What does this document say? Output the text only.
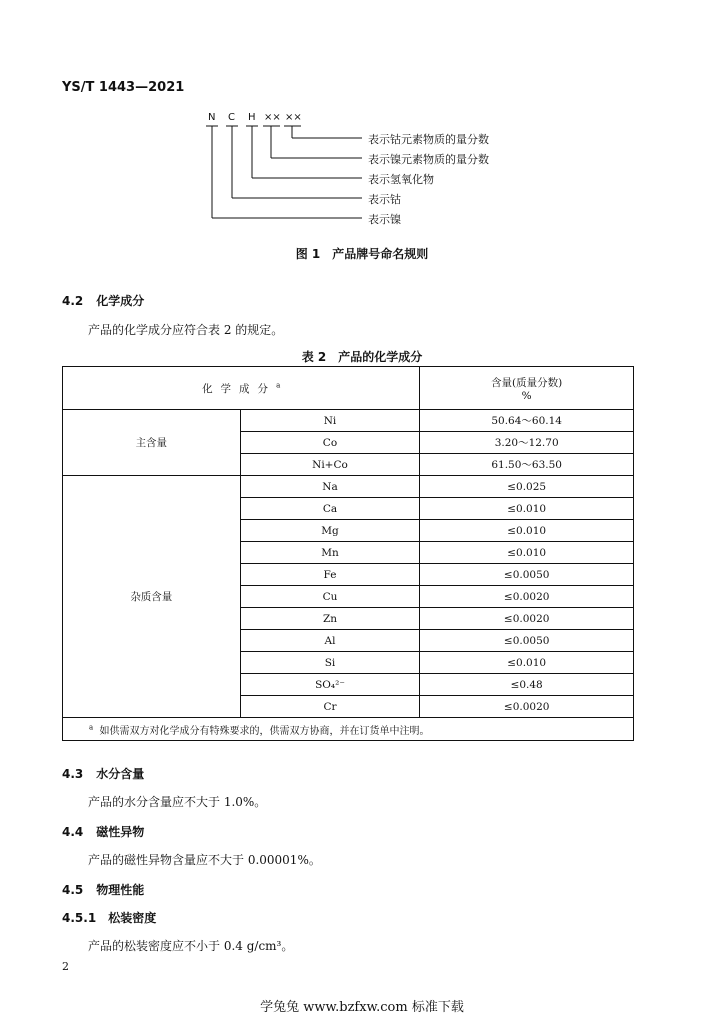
YS/T 1443—2021
N C H ×× ××
表示钴元素物质的量分数
表示镍元素物质的量分数
表示氢氧化物
表示钴
表示镍
图 1　产品牌号命名规则
4.2 化学成分
产品的化学成分应符合表 2 的规定。
表 2　产品的化学成分
化学成分$^a$		含量(质量分数)
%

主含量	Ni	50.64～60.14
	Co	3.20～12.70
	Ni+Co	61.50～63.50
杂质含量	Na	≤0.025
	Ca	≤0.010
	Mg	≤0.010
	Mn	≤0.010
	Fe	≤0.0050
	Cu	≤0.0020
	Zn	≤0.0020
	Al	≤0.0050
	Si	≤0.010
	SO₄²⁻	≤0.48
	Cr	≤0.0020
$^a$ 如供需双方对化学成分有特殊要求的，供需双方协商，并在订货单中注明。		
4.3 水分含量
产品的水分含量应不大于 1.0%。
4.4 磁性异物
产品的磁性异物含量应不大于 0.00001%。
4.5 物理性能
4.5.1 松装密度
产品的松装密度应不小于 0.4 g/cm³。
2
学兔兔 www.bzfxw.com 标准下载
